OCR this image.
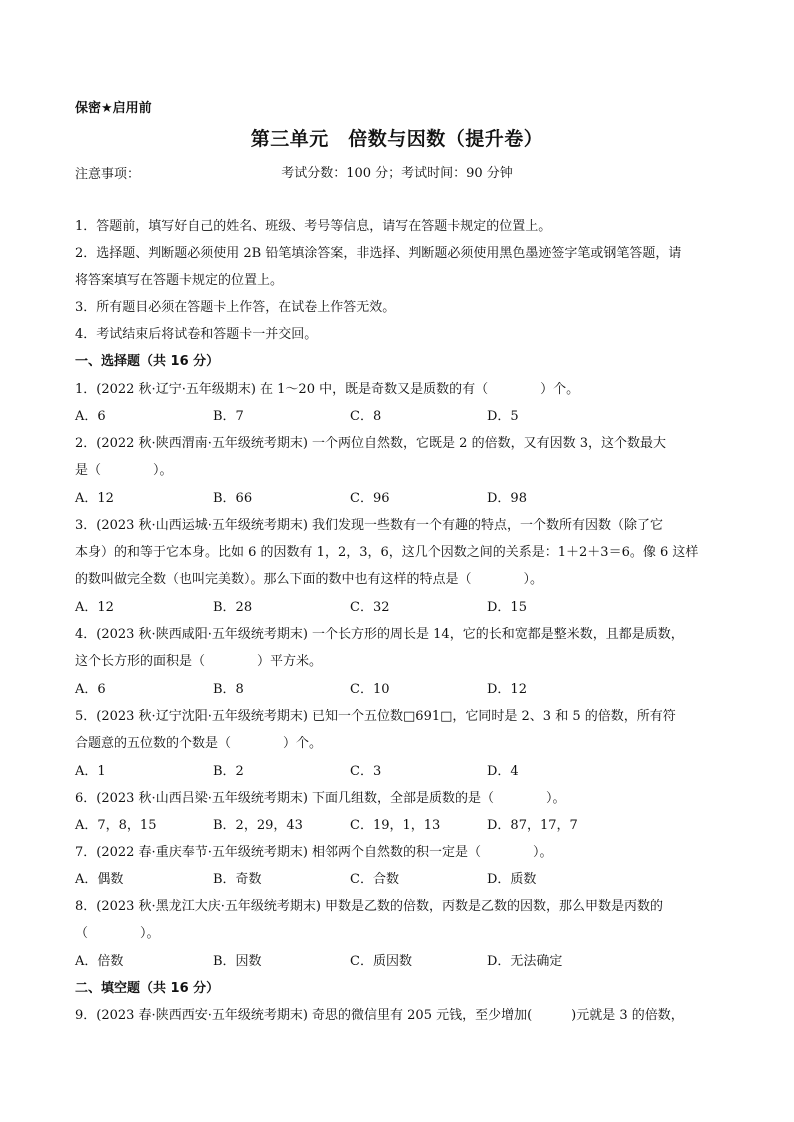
保密★启用前
第三单元　倍数与因数（提升卷）
考试分数：100 分；考试时间：90 分钟
注意事项：
1．答题前，填写好自己的姓名、班级、考号等信息，请写在答题卡规定的位置上。
2．选择题、判断题必须使用 2B 铅笔填涂答案，非选择、判断题必须使用黑色墨迹签字笔或钢笔答题，请
将答案填写在答题卡规定的位置上。
3．所有题目必须在答题卡上作答，在试卷上作答无效。
4．考试结束后将试卷和答题卡一并交回。
一、选择题（共 16 分）
1．(2022 秋·辽宁·五年级期末) 在 1～20 中，既是奇数又是质数的有（　　　　）个。
A．6	B．7	C．8	D．5
2．(2022 秋·陕西渭南·五年级统考期末) 一个两位自然数，它既是 2 的倍数，又有因数 3，这个数最大
是（　　　　）。
A．12	B．66	C．96	D．98
3．(2023 秋·山西运城·五年级统考期末) 我们发现一些数有一个有趣的特点，一个数所有因数（除了它
本身）的和等于它本身。比如 6 的因数有 1，2，3，6，这几个因数之间的关系是：1＋2＋3＝6。像 6 这样
的数叫做完全数（也叫完美数）。那么下面的数中也有这样的特点是（　　　　）。
A．12	B．28	C．32	D．15
4．(2023 秋·陕西咸阳·五年级统考期末) 一个长方形的周长是 14，它的长和宽都是整米数，且都是质数，
这个长方形的面积是（　　　　）平方米。
A．6	B．8	C．10	D．12
5．(2023 秋·辽宁沈阳·五年级统考期末) 已知一个五位数□691□，它同时是 2、3 和 5 的倍数，所有符
合题意的五位数的个数是（　　　　）个。
A．1	B．2	C．3	D．4
6．(2023 秋·山西吕梁·五年级统考期末) 下面几组数，全部是质数的是（　　　　）。
A．7，8，15	B．2，29，43	C．19，1，13	D．87，17，7
7．(2022 春·重庆奉节·五年级统考期末) 相邻两个自然数的积一定是（　　　　）。
A．偶数	B．奇数	C．合数	D．质数
8．(2023 秋·黑龙江大庆·五年级统考期末) 甲数是乙数的倍数，丙数是乙数的因数，那么甲数是丙数的
（　　　　）。
A．倍数	B．因数	C．质因数	D．无法确定
二、填空题（共 16 分）
9．(2023 春·陕西西安·五年级统考期末) 奇思的微信里有 205 元钱，至少增加(　　　)元就是 3 的倍数，
